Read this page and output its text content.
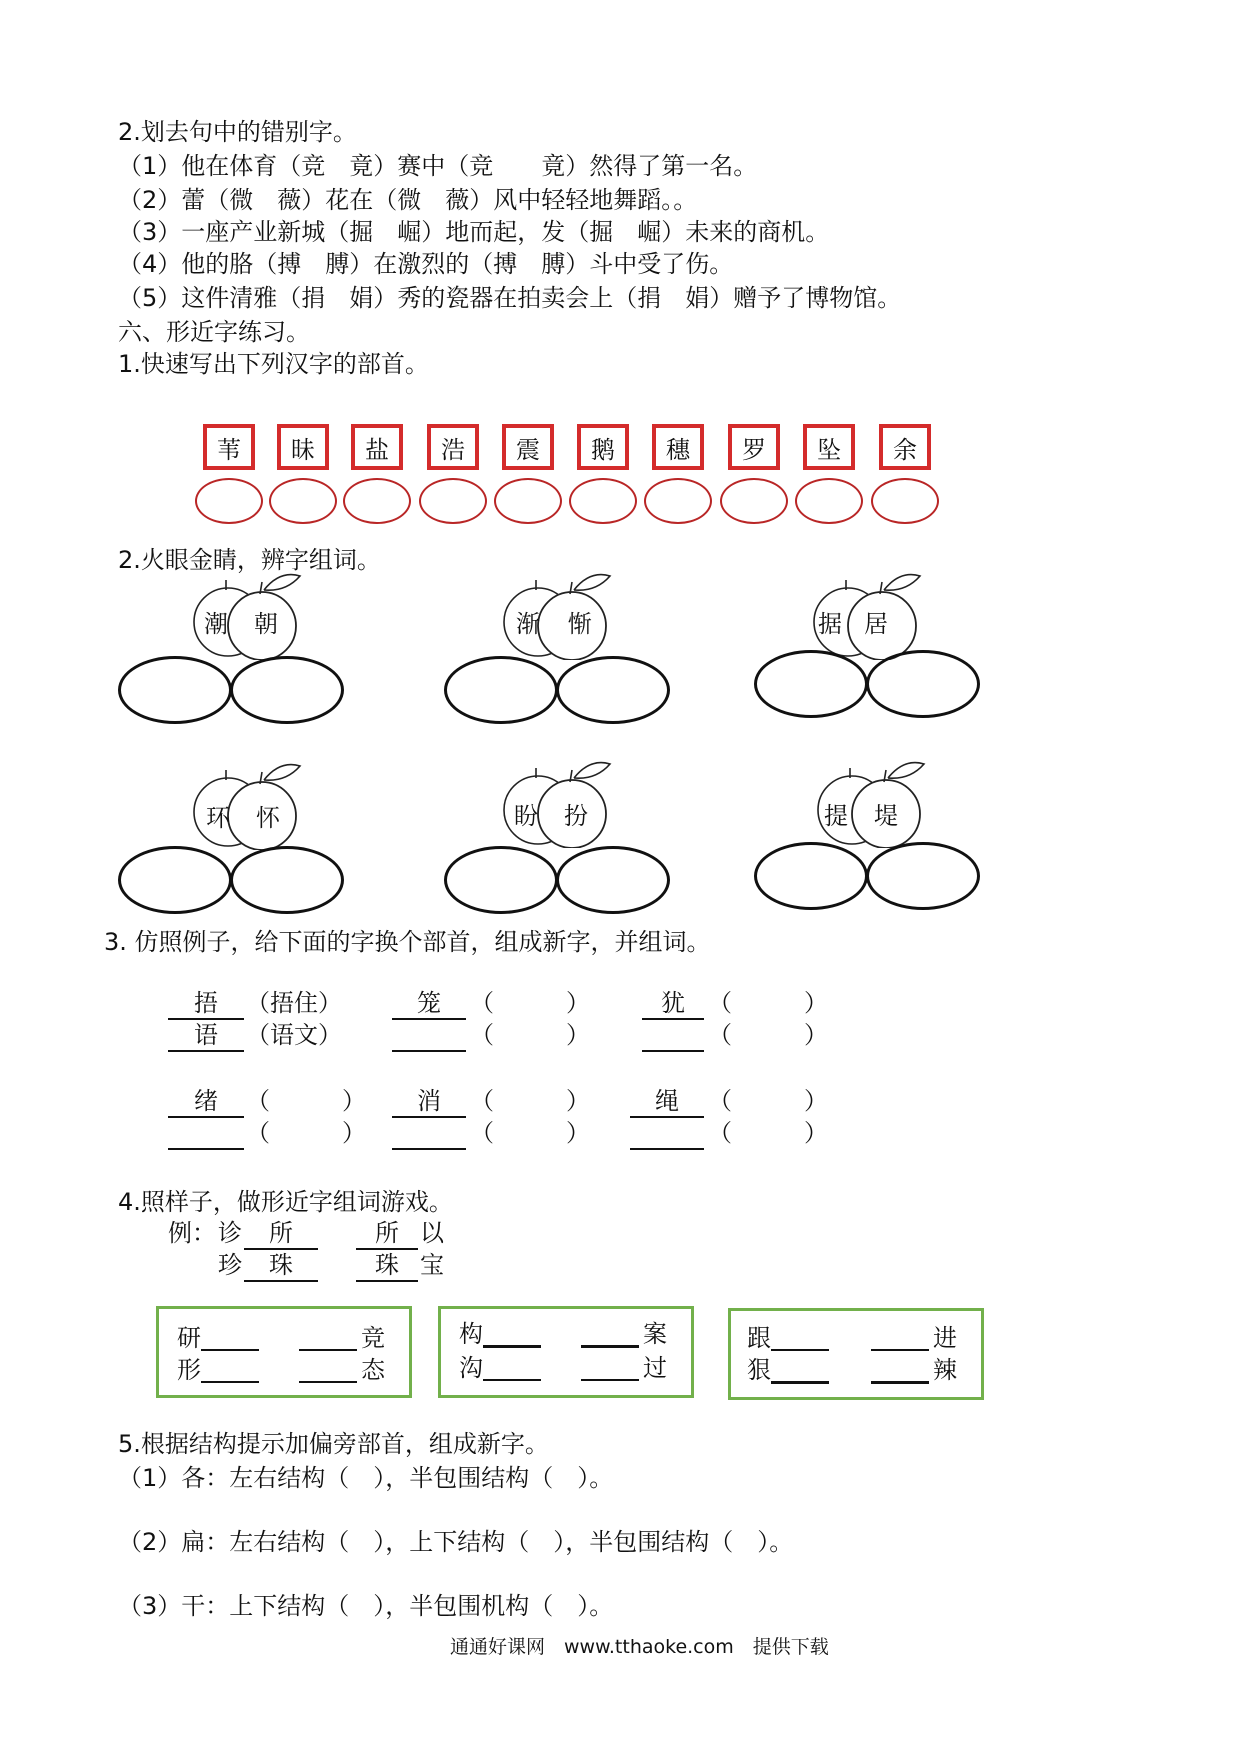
2.划去句中的错别字。
（1）他在体育（竞　竟）赛中（竞　　竟）然得了第一名。
（2）蕾（微　薇）花在（微　薇）风中轻轻地舞蹈。。
（3）一座产业新城（掘　崛）地而起，发（掘　崛）未来的商机。
（4）他的胳（搏　膊）在激烈的（搏　膊）斗中受了伤。
（5）这件清雅（捐　娟）秀的瓷器在拍卖会上（捐　娟）赠予了博物馆。
六、形近字练习。
1.快速写出下列汉字的部首。
苇	昧	盐	浩	震	鹅	穗	罗	坠	余
2.火眼金睛，辨字组词。
潮 朝	渐 惭	据 居
环 怀	盼 扮	提 堤
3. 仿照例子，给下面的字换个部首，组成新字，并组词。
捂	（捂住）
语	（语文）
笼	（　　　）
（　　　）
犹 （　　　）
（　　　）
绪	（　　　）
（　　　）
消	（　　　）
（　　　）
绳	（　　　）
（　　　）
4.照样子，做形近字组词游戏。
例： 诊	所	所 以
珍	珠	珠 宝
研	竞
形	态
构	案
沟	过
跟	进
狠	辣
5.根据结构提示加偏旁部首，组成新字。
（1）各：左右结构（　），半包围结构（　）。
（2）扁：左右结构（　），上下结构（　），半包围结构（　）。
（3）干：上下结构（　），半包围机构（　）。
通通好课网　www.tthaoke.com　提供下载
